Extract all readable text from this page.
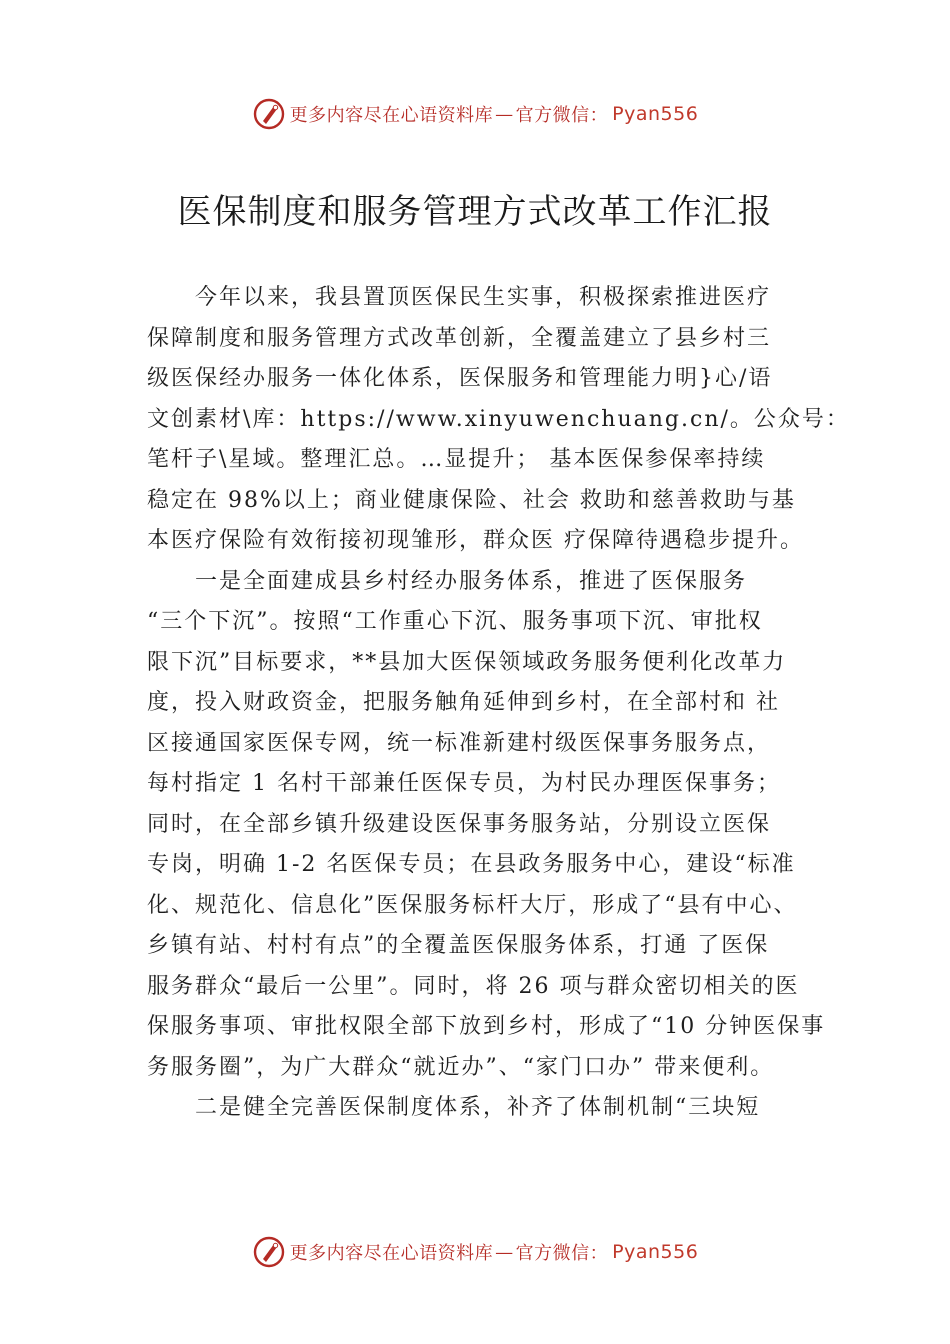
更多内容尽在心语资料库 — 官方微信： Pyan556
医保制度和服务管理方式改革工作汇报
今年以来，我县置顶医保民生实事，积极探索推进医疗
保障制度和服务管理方式改革创新，全覆盖建立了县乡村三
级医保经办服务一体化体系，医保服务和管理能力明}心/语
文创素材\库：https://www.xinyuwenchuang.cn/。公众号：
笔杆子\星域。整理汇总。…显提升； 基本医保参保率持续
稳定在 98%以上；商业健康保险、社会 救助和慈善救助与基
本医疗保险有效衔接初现雏形，群众医 疗保障待遇稳步提升。
一是全面建成县乡村经办服务体系，推进了医保服务
“三个下沉”。按照“工作重心下沉、服务事项下沉、审批权
限下沉”目标要求，**县加大医保领域政务服务便利化改革力
度，投入财政资金，把服务触角延伸到乡村，在全部村和 社
区接通国家医保专网，统一标准新建村级医保事务服务点，
每村指定 1 名村干部兼任医保专员，为村民办理医保事务；
同时，在全部乡镇升级建设医保事务服务站，分别设立医保
专岗，明确 1-2 名医保专员；在县政务服务中心，建设“标准
化、规范化、信息化”医保服务标杆大厅，形成了“县有中心、
乡镇有站、村村有点”的全覆盖医保服务体系，打通 了医保
服务群众“最后一公里”。同时，将 26 项与群众密切相关的医
保服务事项、审批权限全部下放到乡村，形成了“10 分钟医保事
务服务圈”，为广大群众“就近办”、“家门口办” 带来便利。
二是健全完善医保制度体系，补齐了体制机制“三块短
更多内容尽在心语资料库 — 官方微信： Pyan556
